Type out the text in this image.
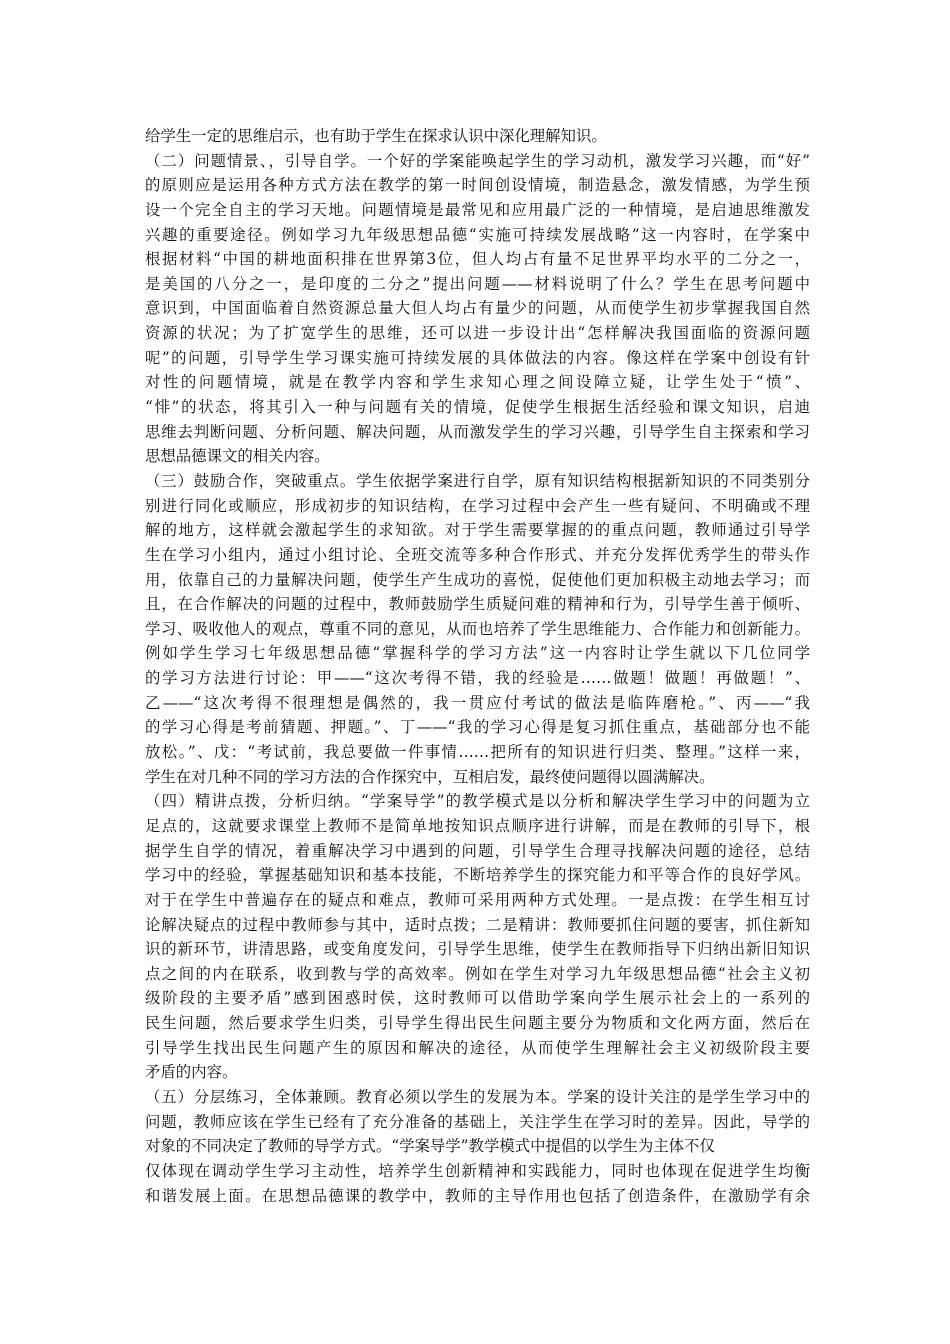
给学生一定的思维启示，也有助于学生在探求认识中深化理解知识。
（二）问题情景、，引导自学。一个好的学案能唤起学生的学习动机，激发学习兴趣，而“好”
的原则应是运用各种方式方法在教学的第一时间创设情境，制造悬念，激发情感，为学生预
设一个完全自主的学习天地。问题情境是最常见和应用最广泛的一种情境，是启迪思维激发
兴趣的重要途径。例如学习九年级思想品德“实施可持续发展战略”这一内容时，在学案中
根据材料“中国的耕地面积排在世界第3位，但人均占有量不足世界平均水平的二分之一，
是美国的八分之一，是印度的二分之”提出问题——材料说明了什么？学生在思考问题中
意识到，中国面临着自然资源总量大但人均占有量少的问题，从而使学生初步掌握我国自然
资源的状况；为了扩宽学生的思维，还可以进一步设计出“怎样解决我国面临的资源问题
呢”的问题，引导学生学习课实施可持续发展的具体做法的内容。像这样在学案中创设有针
对性的问题情境，就是在教学内容和学生求知心理之间设障立疑，让学生处于“愤”、
“悱”的状态，将其引入一种与问题有关的情境，促使学生根据生活经验和课文知识，启迪
思维去判断问题、分析问题、解决问题，从而激发学生的学习兴趣，引导学生自主探索和学习
思想品德课文的相关内容。
（三）鼓励合作，突破重点。学生依据学案进行自学，原有知识结构根据新知识的不同类别分
别进行同化或顺应，形成初步的知识结构，在学习过程中会产生一些有疑问、不明确或不理
解的地方，这样就会激起学生的求知欲。对于学生需要掌握的的重点问题，教师通过引导学
生在学习小组内，通过小组讨论、全班交流等多种合作形式、并充分发挥优秀学生的带头作
用，依靠自己的力量解决问题，使学生产生成功的喜悦，促使他们更加积极主动地去学习；而
且，在合作解决的问题的过程中，教师鼓励学生质疑问难的精神和行为，引导学生善于倾听、
学习、吸收他人的观点，尊重不同的意见，从而也培养了学生思维能力、合作能力和创新能力。
例如学生学习七年级思想品德“掌握科学的学习方法”这一内容时让学生就以下几位同学
的学习方法进行讨论：甲——“这次考得不错，我的经验是……做题！做题！再做题！”、
乙——“这次考得不很理想是偶然的，我一贯应付考试的做法是临阵磨枪。”、丙——“我
的学习心得是考前猜题、押题。”、丁——“我的学习心得是复习抓住重点，基础部分也不能
放松。”、戊：“考试前，我总要做一件事情……把所有的知识进行归类、整理。”这样一来，
学生在对几种不同的学习方法的合作探究中，互相启发，最终使问题得以圆满解决。
（四）精讲点拨，分析归纳。“学案导学”的教学模式是以分析和解决学生学习中的问题为立
足点的，这就要求课堂上教师不是简单地按知识点顺序进行讲解，而是在教师的引导下，根
据学生自学的情况，着重解决学习中遇到的问题，引导学生合理寻找解决问题的途径，总结
学习中的经验，掌握基础知识和基本技能，不断培养学生的探究能力和平等合作的良好学风。
对于在学生中普遍存在的疑点和难点，教师可采用两种方式处理。一是点拨：在学生相互讨
论解决疑点的过程中教师参与其中，适时点拨；二是精讲：教师要抓住问题的要害，抓住新知
识的新环节，讲清思路，或变角度发问，引导学生思维，使学生在教师指导下归纳出新旧知识
点之间的内在联系，收到教与学的高效率。例如在学生对学习九年级思想品德“社会主义初
级阶段的主要矛盾”感到困惑时侯，这时教师可以借助学案向学生展示社会上的一系列的
民生问题，然后要求学生归类，引导学生得出民生问题主要分为物质和文化两方面，然后在
引导学生找出民生问题产生的原因和解决的途径，从而使学生理解社会主义初级阶段主要
矛盾的内容。
（五）分层练习，全体兼顾。教育必须以学生的发展为本。学案的设计关注的是学生学习中的
问题，教师应该在学生已经有了充分准备的基础上，关注学生在学习时的差异。因此，导学的
对象的不同决定了教师的导学方式。“学案导学”教学模式中提倡的以学生为主体不仅
仅体现在调动学生学习主动性，培养学生创新精神和实践能力，同时也体现在促进学生均衡
和谐发展上面。在思想品德课的教学中，教师的主导作用也包括了创造条件，在激励学有余
